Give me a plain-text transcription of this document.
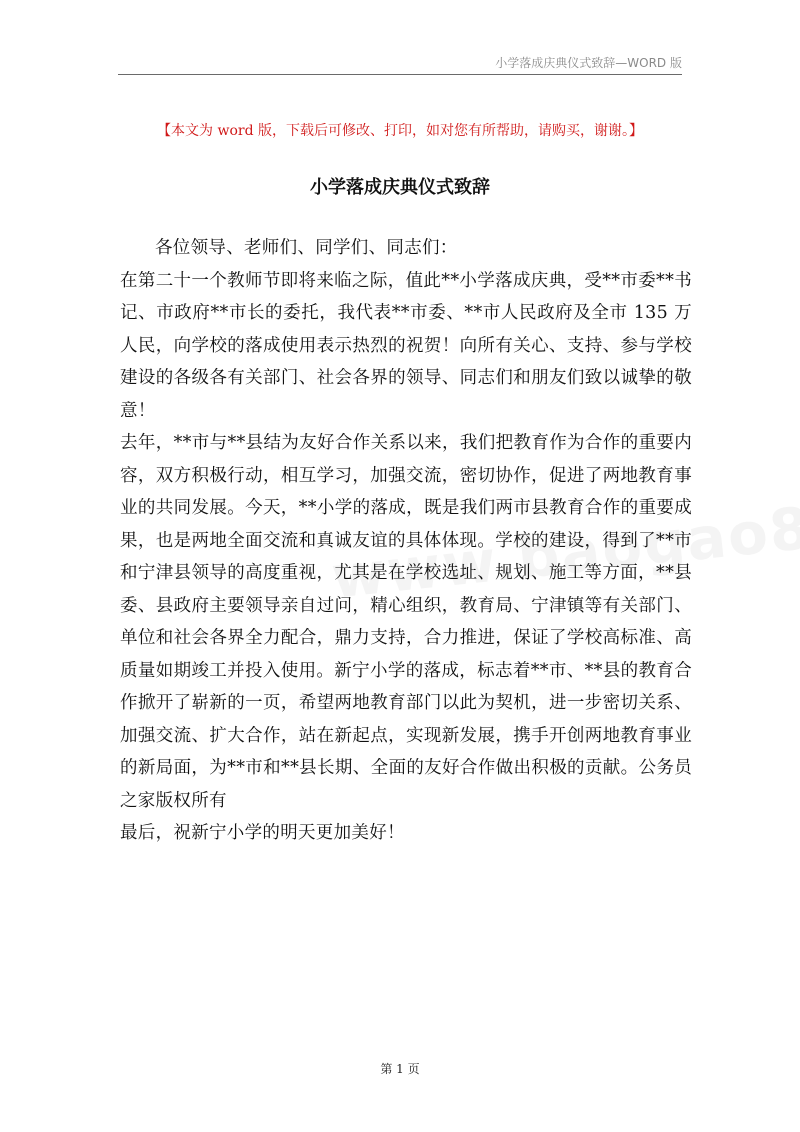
小学落成庆典仪式致辞—WORD 版
【本文为 word 版，下载后可修改、打印，如对您有所帮助，请购买，谢谢。】
小学落成庆典仪式致辞

各位领导、老师们、同学们、同志们：

在第二十一个教师节即将来临之际，值此**小学落成庆典，受**市委**书记、市政府**市长的委托，我代表**市委、**市人民政府及全市 135 万人民，向学校的落成使用表示热烈的祝贺！向所有关心、支持、参与学校建设的各级各有关部门、社会各界的领导、同志们和朋友们致以诚挚的敬意！

去年，**市与**县结为友好合作关系以来，我们把教育作为合作的重要内容，双方积极行动，相互学习，加强交流，密切协作，促进了两地教育事业的共同发展。今天，**小学的落成，既是我们两市县教育合作的重要成果，也是两地全面交流和真诚友谊的具体体现。学校的建设，得到了**市和宁津县领导的高度重视，尤其是在学校选址、规划、施工等方面，**县委、县政府主要领导亲自过问，精心组织，教育局、宁津镇等有关部门、单位和社会各界全力配合，鼎力支持，合力推进，保证了学校高标准、高质量如期竣工并投入使用。新宁小学的落成，标志着**市、**县的教育合作掀开了崭新的一页，希望两地教育部门以此为契机，进一步密切关系、加强交流、扩大合作，站在新起点，实现新发展，携手开创两地教育事业的新局面，为**市和**县长期、全面的友好合作做出积极的贡献。公务员之家版权所有

最后，祝新宁小学的明天更加美好！

第 1 页
